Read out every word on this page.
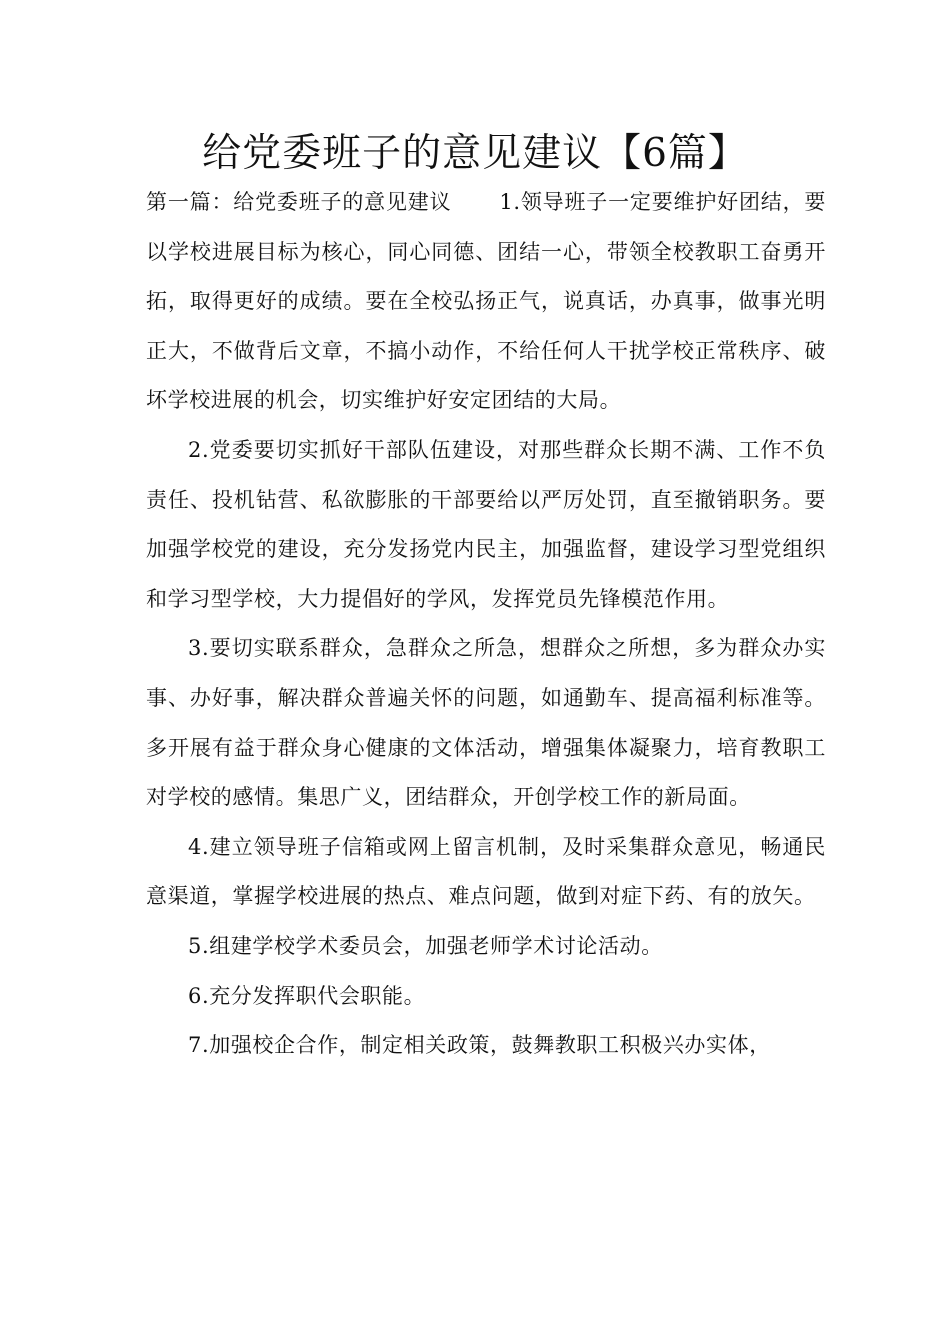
给党委班子的意见建议【6篇】

第一篇：给党委班子的意见建议 1.领导班子一定要维护好团结，要以学校进展目标为核心，同心同德、团结一心，带领全校教职工奋勇开拓，取得更好的成绩。要在全校弘扬正气，说真话，办真事，做事光明正大，不做背后文章，不搞小动作，不给任何人干扰学校正常秩序、破坏学校进展的机会，切实维护好安定团结的大局。

2.党委要切实抓好干部队伍建设，对那些群众长期不满、工作不负责任、投机钻营、私欲膨胀的干部要给以严厉处罚，直至撤销职务。要加强学校党的建设，充分发扬党内民主，加强监督，建设学习型党组织和学习型学校，大力提倡好的学风，发挥党员先锋模范作用。

3.要切实联系群众，急群众之所急，想群众之所想，多为群众办实事、办好事，解决群众普遍关怀的问题，如通勤车、提高福利标准等。多开展有益于群众身心健康的文体活动，增强集体凝聚力，培育教职工对学校的感情。集思广义，团结群众，开创学校工作的新局面。

4.建立领导班子信箱或网上留言机制，及时采集群众意见，畅通民意渠道，掌握学校进展的热点、难点问题，做到对症下药、有的放矢。

5.组建学校学术委员会，加强老师学术讨论活动。

6.充分发挥职代会职能。

7.加强校企合作，制定相关政策，鼓舞教职工积极兴办实体，
